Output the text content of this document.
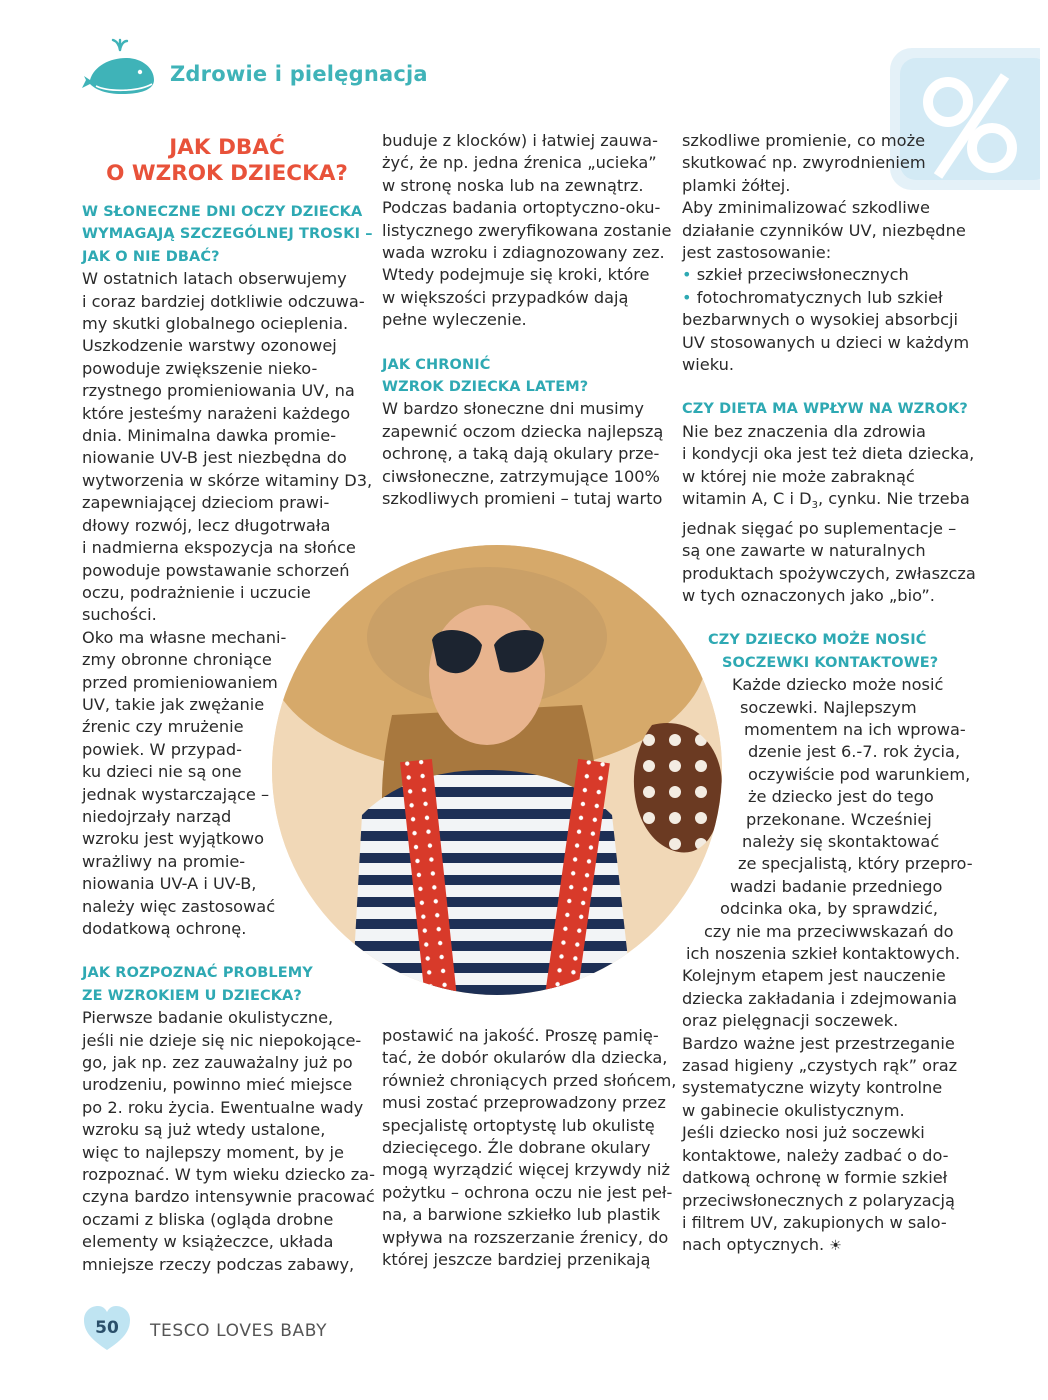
Zdrowie i pielęgnacja
JAK DBAĆ
O WZROK DZIECKA?

W SŁONECZNE DNI OCZY DZIECKA

WYMAGAJĄ SZCZEGÓLNEJ TROSKI –

JAK O NIE DBAĆ?

W ostatnich latach obserwujemy

i coraz bardziej dotkliwie odczuwa-

my skutki globalnego ocieplenia.

Uszkodzenie warstwy ozonowej

powoduje zwiększenie nieko-

rzystnego promieniowania UV, na

które jesteśmy narażeni każdego

dnia. Minimalna dawka promie-

niowanie UV-B jest niezbędna do

wytworzenia w skórze witaminy D3,

zapewniającej dzieciom prawi-

dłowy rozwój, lecz długotrwała

i nadmierna ekspozycja na słońce

powoduje powstawanie schorzeń

oczu, podrażnienie i uczucie

suchości.

Oko ma własne mechani-

zmy obronne chroniące

przed promieniowaniem

UV, takie jak zwężanie

źrenic czy mrużenie

powiek. W przypad-

ku dzieci nie są one

jednak wystarczające –

niedojrzały narząd

wzroku jest wyjątkowo

wrażliwy na promie-

niowania UV-A i UV-B,

należy więc zastosować

dodatkową ochronę.

JAK ROZPOZNAĆ PROBLEMY

ZE WZROKIEM U DZIECKA?

Pierwsze badanie okulistyczne,

jeśli nie dzieje się nic niepokojące-

go, jak np. zez zauważalny już po

urodzeniu, powinno mieć miejsce

po 2. roku życia. Ewentualne wady

wzroku są już wtedy ustalone,

więc to najlepszy moment, by je

rozpoznać. W tym wieku dziecko za-

czyna bardzo intensywnie pracować

oczami z bliska (ogląda drobne

elementy w książeczce, układa

mniejsze rzeczy podczas zabawy,

buduje z klocków) i łatwiej zauwa-

żyć, że np. jedna źrenica „ucieka”

w stronę noska lub na zewnątrz.

Podczas badania ortoptyczno-oku-

listycznego zweryfikowana zostanie

wada wzroku i zdiagnozowany zez.

Wtedy podejmuje się kroki, które

w większości przypadków dają

pełne wyleczenie.

JAK CHRONIĆ

WZROK DZIECKA LATEM?

W bardzo słoneczne dni musimy

zapewnić oczom dziecka najlepszą

ochronę, a taką dają okulary prze-

ciwsłoneczne, zatrzymujące 100%

szkodliwych promieni – tutaj warto

postawić na jakość. Proszę pamię-

tać, że dobór okularów dla dziecka,

również chroniących przed słońcem,

musi zostać przeprowadzony przez

specjalistę ortoptystę lub okulistę

dziecięcego. Źle dobrane okulary

mogą wyrządzić więcej krzywdy niż

pożytku – ochrona oczu nie jest peł-

na, a barwione szkiełko lub plastik

wpływa na rozszerzanie źrenicy, do

której jeszcze bardziej przenikają

szkodliwe promienie, co może

skutkować np. zwyrodnieniem

plamki żółtej.

Aby zminimalizować szkodliwe

działanie czynników UV, niezbędne

jest zastosowanie:

• szkieł przeciwsłonecznych

• fotochromatycznych lub szkieł

bezbarwnych o wysokiej absorbcji

UV stosowanych u dzieci w każdym

wieku.

CZY DIETA MA WPŁYW NA WZROK?

Nie bez znaczenia dla zdrowia

i kondycji oka jest też dieta dziecka,

w której nie może zabraknąć

witamin A, C i $D_3$, cynku. Nie trzeba

jednak sięgać po suplementacje –

są one zawarte w naturalnych

produktach spożywczych, zwłaszcza

w tych oznaczonych jako „bio”.

CZY DZIECKO MOŻE NOSIĆ

SOCZEWKI KONTAKTOWE?

Każde dziecko może nosić

soczewki. Najlepszym

momentem na ich wprowa-

dzenie jest 6.-7. rok życia,

oczywiście pod warunkiem,

że dziecko jest do tego

przekonane. Wcześniej

należy się skontaktować

ze specjalistą, który przepro-

wadzi badanie przedniego

odcinka oka, by sprawdzić,

czy nie ma przeciwwskazań do

ich noszenia szkieł kontaktowych.

Kolejnym etapem jest nauczenie

dziecka zakładania i zdejmowania

oraz pielęgnacji soczewek.

Bardzo ważne jest przestrzeganie

zasad higieny „czystych rąk” oraz

systematyczne wizyty kontrolne

w gabinecie okulistycznym.

Jeśli dziecko nosi już soczewki

kontaktowe, należy zadbać o do-

datkową ochronę w formie szkieł

przeciwsłonecznych z polaryzacją

i filtrem UV, zakupionych w salo-

nach optycznych. ☀

50	TESCO LOVES BABY
